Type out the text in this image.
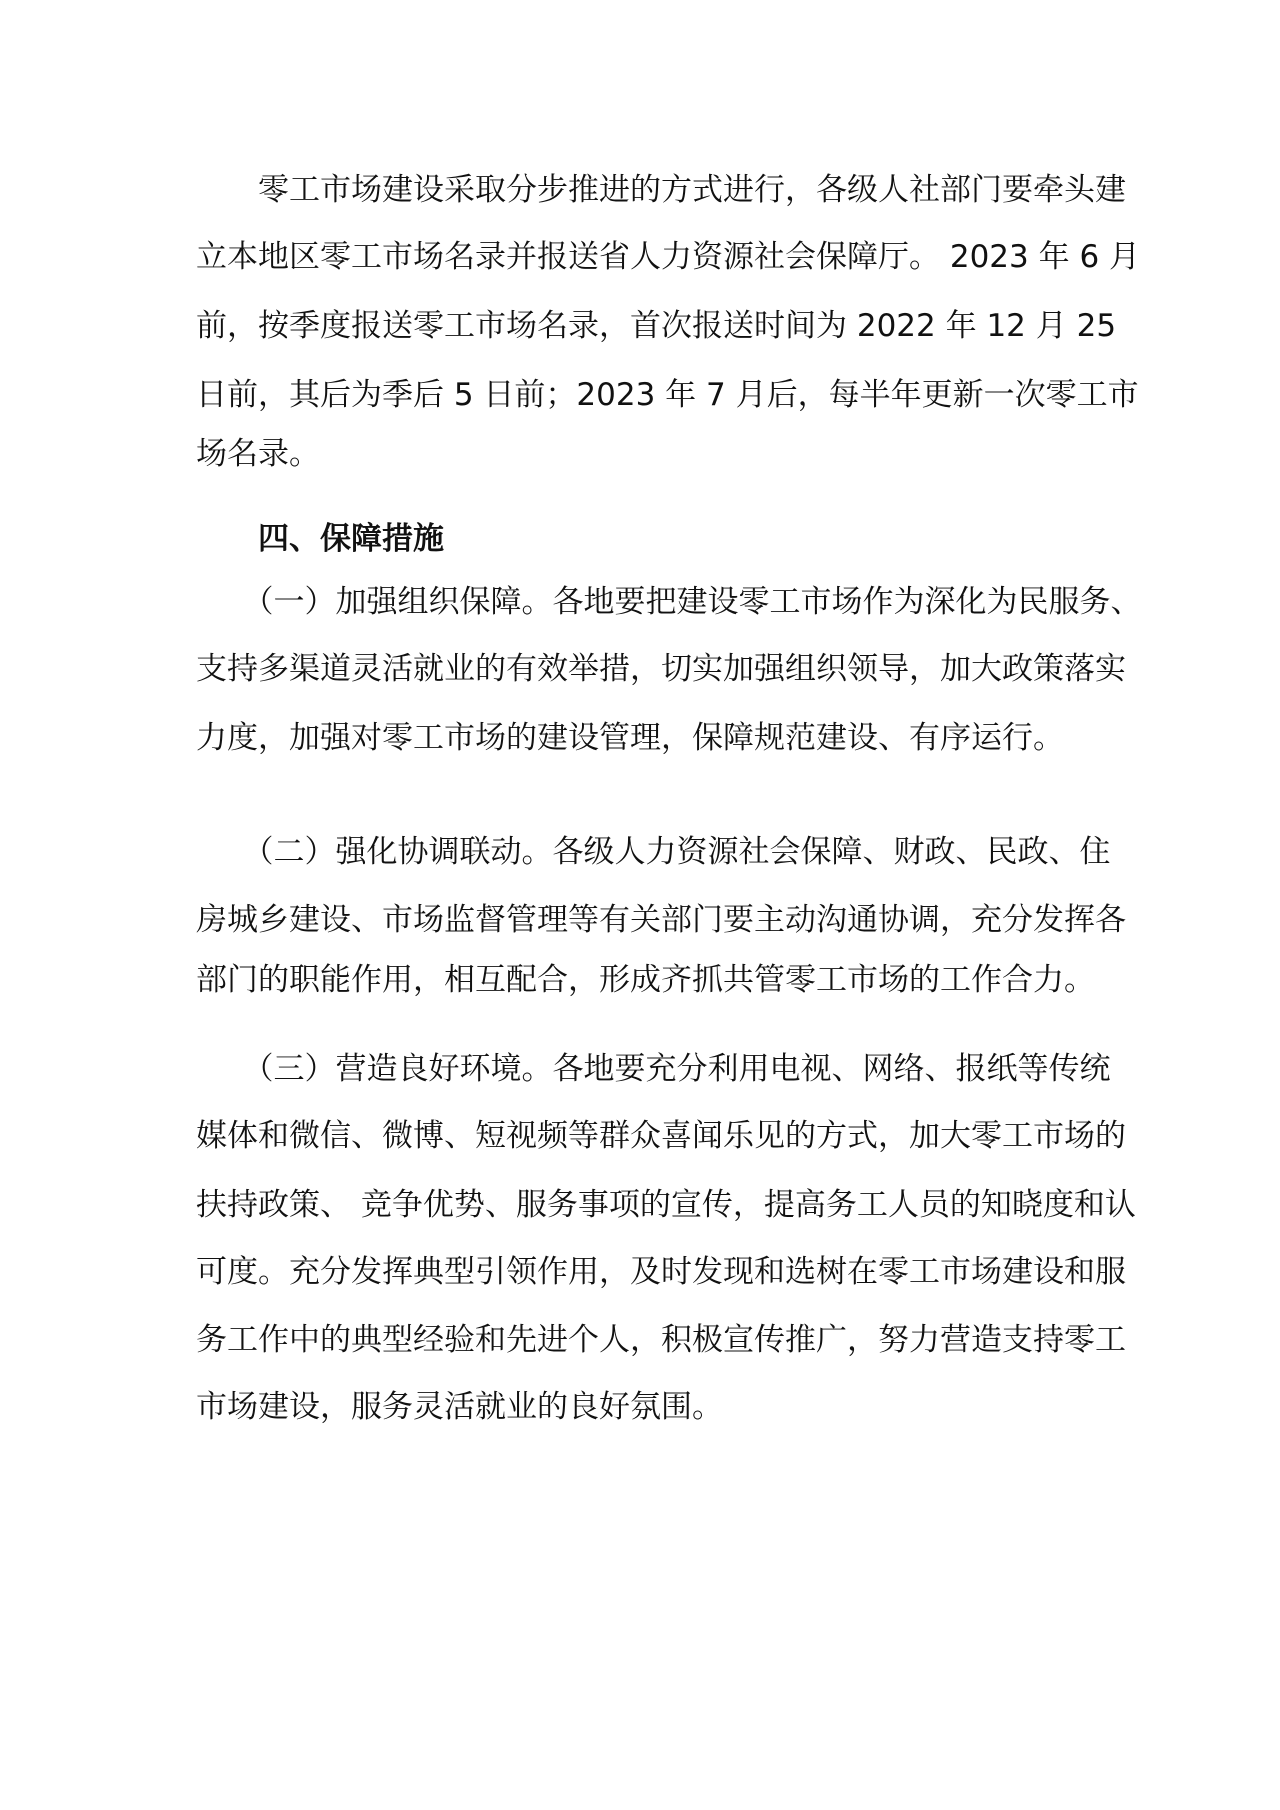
　　零工市场建设采取分步推进的方式进行，各级人社部门要牵头建
立本地区零工市场名录并报送省人力资源社会保障厅。 2023 年 6 月
前，按季度报送零工市场名录，首次报送时间为 2022 年 12 月 25
日前，其后为季后 5 日前；2023 年 7 月后，每半年更新一次零工市
场名录。
四、保障措施
　　（一）加强组织保障。各地要把建设零工市场作为深化为民服务、
支持多渠道灵活就业的有效举措，切实加强组织领导，加大政策落实
力度，加强对零工市场的建设管理，保障规范建设、有序运行。
　　（二）强化协调联动。各级人力资源社会保障、财政、民政、住
房城乡建设、市场监督管理等有关部门要主动沟通协调，充分发挥各
部门的职能作用，相互配合，形成齐抓共管零工市场的工作合力。
　　（三）营造良好环境。各地要充分利用电视、网络、报纸等传统
媒体和微信、微博、短视频等群众喜闻乐见的方式，加大零工市场的
扶持政策、 竞争优势、服务事项的宣传，提高务工人员的知晓度和认
可度。充分发挥典型引领作用，及时发现和选树在零工市场建设和服
务工作中的典型经验和先进个人，积极宣传推广，努力营造支持零工
市场建设，服务灵活就业的良好氛围。
